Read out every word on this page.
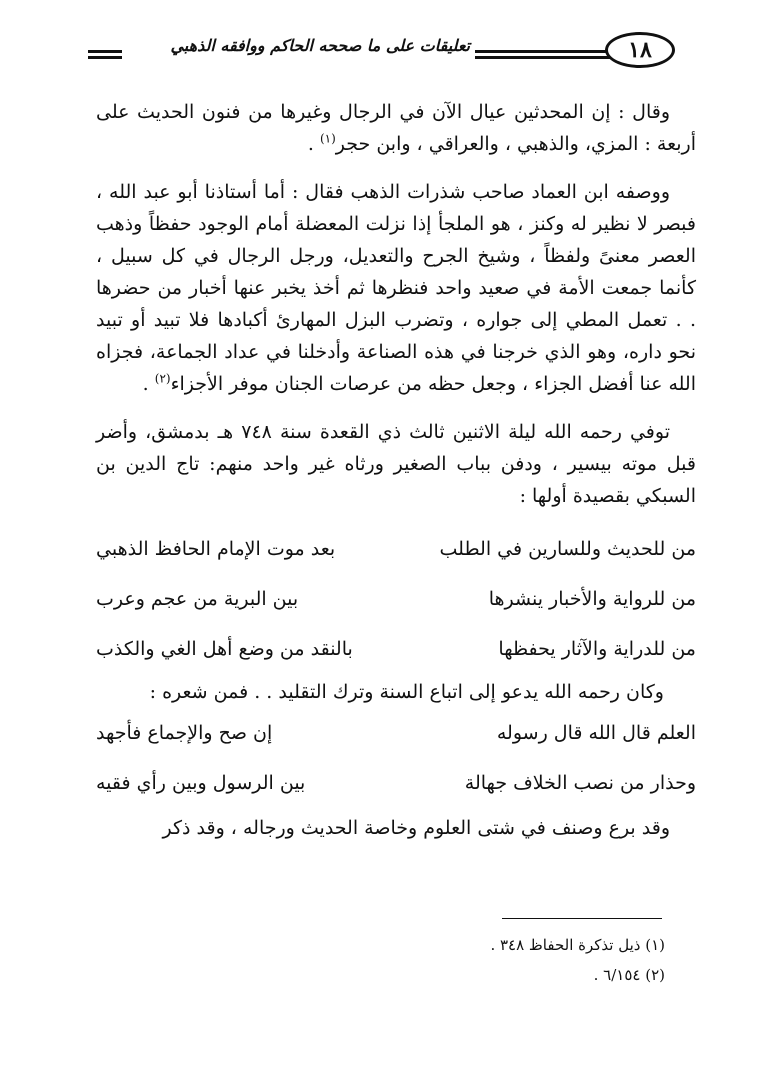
تعليقات على ما صححه الحاكم ووافقه الذهبي	١٨

وقال : إن المحدثين عيال الآن في الرجال وغيرها من فنون الحديث على أربعة : المزي، والذهبي ، والعراقي ، وابن حجر$^{(١)}$ .

ووصفه ابن العماد صاحب شذرات الذهب فقال : أما أستاذنا أبو عبد الله ، فبصر لا نظير له وكنز ، هو الملجأ إذا نزلت المعضلة أمام الوجود حفظاً وذهب العصر معنىً ولفظاً ، وشيخ الجرح والتعديل، ورجل الرجال في كل سبيل ، كأنما جمعت الأمة في صعيد واحد فنظرها ثم أخذ يخبر عنها أخبار من حضرها . . تعمل المطي إلى جواره ، وتضرب البزل المهارئ أكبادها فلا تبيد أو تبيد نحو داره، وهو الذي خرجنا في هذه الصناعة وأدخلنا في عداد الجماعة، فجزاه الله عنا أفضل الجزاء ، وجعل حظه من عرصات الجنان موفر الأجزاء$^{(٢)}$ .

توفي رحمه الله ليلة الاثنين ثالث ذي القعدة سنة ٧٤٨ هـ بدمشق، وأضر قبل موته بيسير ، ودفن بباب الصغير ورثاه غير واحد منهم: تاج الدين بن السبكي بقصيدة أولها :

من للحديث وللسارين في الطلب
بعد موت الإمام الحافظ الذهبي
من للرواية والأخبار ينشرها
بين البرية من عجم وعرب
من للدراية والآثار يحفظها
بالنقد من وضع أهل الغي والكذب

وكان رحمه الله يدعو إلى اتباع السنة وترك التقليد . . فمن شعره :

العلم قال الله قال رسوله
إن صح والإجماع فأجهد
وحذار من نصب الخلاف جهالة
بين الرسول وبين رأي فقيه

وقد برع وصنف في شتى العلوم وخاصة الحديث ورجاله ، وقد ذكر

(١) ذيل تذكرة الحفاظ ٣٤٨ .
(٢) ٦/١٥٤ .
